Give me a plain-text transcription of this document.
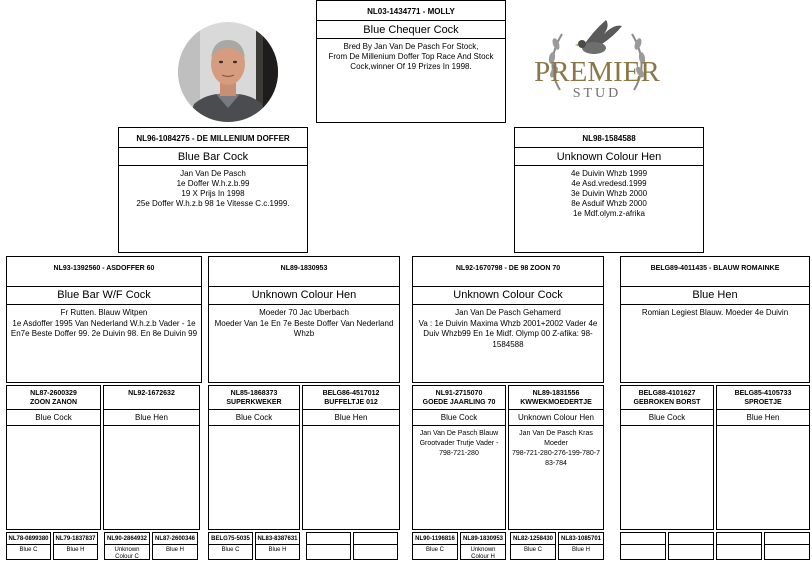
NL03-1434771 - MOLLY
Blue Chequer Cock
Bred By Jan Van De Pasch For Stock,
From De Millenium Doffer Top Race And Stock
Cock,winner Of 19 Prizes In 1998.	PREMIER
STUD
NL96-1084275 - DE MILLENIUM DOFFER
Blue Bar Cock
Jan Van De Pasch
1e Doffer W.h.z.b.99
19 X Prijs In 1998
25e Doffer W.h.z.b 98 1e Vitesse C.c.1999.
NL98-1584588
Unknown Colour Hen
4e Duivin Whzb 1999
4e Asd.vredesd.1999
3e Duivin Whzb 2000
8e Asduif Whzb 2000
1e Mdf.olym.z-afrika
NL93-1392560 - ASDOFFER 60
Blue Bar W/F Cock
Fr Rutten. Blauw Witpen
1e Asdoffer 1995 Van Nederland W.h.z.b Vader - 1e En7e Beste Doffer 99. 2e Duivin 98. En 8e Duivin 99
NL89-1830953
Unknown Colour Hen
Moeder 70 Jac Uberbach
Moeder Van 1e En 7e Beste Doffer Van Nederland Whzb
NL92-1670798 - DE 98 ZOON 70
Unknown Colour Cock
Jan Van De Pasch Gehamerd
Va : 1e Duivin Maxima Whzb 2001+2002 Vader 4e Duiv Whzb99 En 1e Midf. Olymp 00 Z-afika: 98-1584588
BELG89-4011435 - BLAUW ROMAINKE
Blue Hen
Romian Legiest Blauw. Moeder 4e Duivin
NL87-2600329
ZOON ZANON
Blue Cock
NL92-1672632
Blue Hen
NL85-1868373
SUPERKWEKER
Blue Cock
BELG86-4517012
BUFFELTJE 012
Blue Hen
NL91-2715070
GOEDE JAARLING 70
Blue Cock
Jan Van De Pasch Blauw Grootvader Trutje Vader - 798-721-280
NL89-1831556
KWWEKMOEDERTJE
Unknown Colour Hen
Jan Van De Pasch Kras Moeder
798-721-280-276-199-780-7 83-784
BELG88-4101627
GEBROKEN BORST
Blue Cock
BELG85-4105733
SPROETJE
Blue Hen
NL78-0899380
Blue C
NL79-1837837
Blue H
NL90-2864932
Unknown Colour C
NL87-2600346
Blue H
BELG75-5035
Blue C
NL83-8387631
Blue H
NL90-1196816
Blue C
NL89-1830953
Unknown Colour H
NL82-1258430
Blue C
NL83-1085701
Blue H
